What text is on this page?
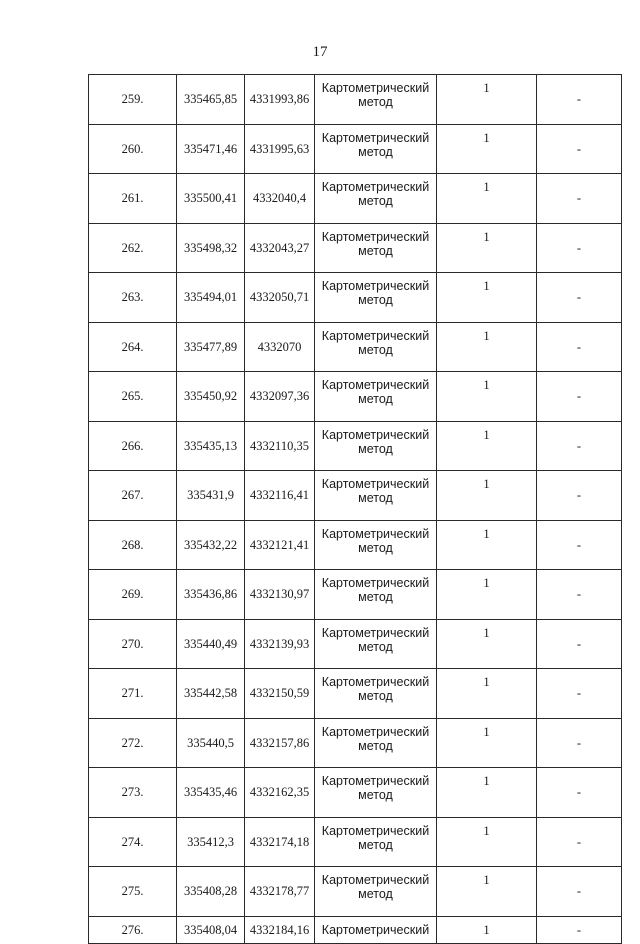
17
259.	335465,85	4331993,86	Картометрический метод	1	-
260.	335471,46	4331995,63	Картометрический метод	1	-
261.	335500,41	4332040,4	Картометрический метод	1	-
262.	335498,32	4332043,27	Картометрический метод	1	-
263.	335494,01	4332050,71	Картометрический метод	1	-
264.	335477,89	4332070	Картометрический метод	1	-
265.	335450,92	4332097,36	Картометрический метод	1	-
266.	335435,13	4332110,35	Картометрический метод	1	-
267.	335431,9	4332116,41	Картометрический метод	1	-
268.	335432,22	4332121,41	Картометрический метод	1	-
269.	335436,86	4332130,97	Картометрический метод	1	-
270.	335440,49	4332139,93	Картометрический метод	1	-
271.	335442,58	4332150,59	Картометрический метод	1	-
272.	335440,5	4332157,86	Картометрический метод	1	-
273.	335435,46	4332162,35	Картометрический метод	1	-
274.	335412,3	4332174,18	Картометрический метод	1	-
275.	335408,28	4332178,77	Картометрический метод	1	-
276.	335408,04	4332184,16	Картометрический	1	-
